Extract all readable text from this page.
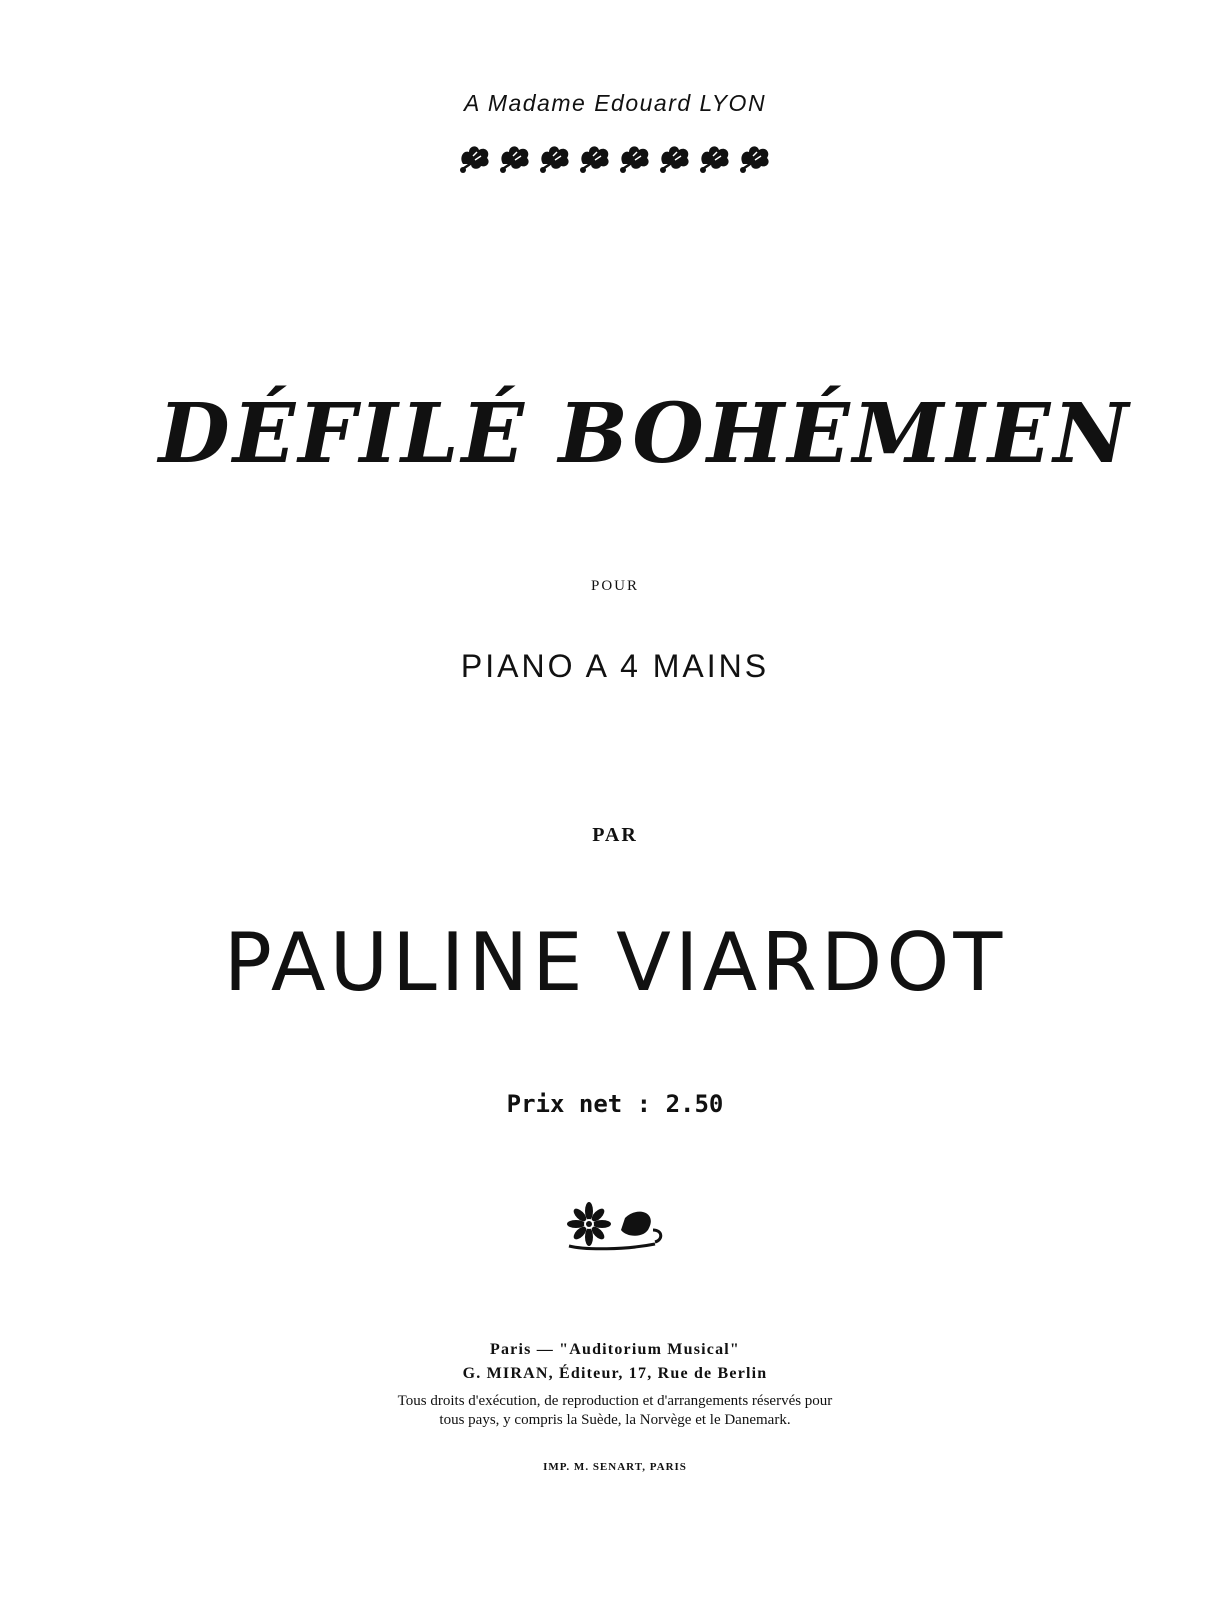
A Madame Edouard LYON
DÉFILÉ BOHÉMIEN
POUR
PIANO A 4 MAINS
PAR
PAULINE VIARDOT
Prix net : 2.50
Paris — "Auditorium Musical"
G. MIRAN, Éditeur, 17, Rue de Berlin
Tous droits d'exécution, de reproduction et d'arrangements réservés pour
tous pays, y compris la Suède, la Norvège et le Danemark.
IMP. M. SENART, PARIS
